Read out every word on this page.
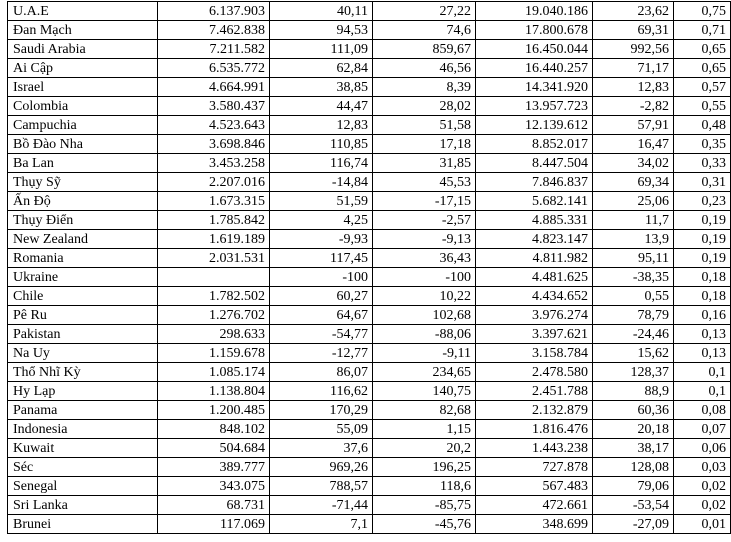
U.A.E	6.137.903	40,11	27,22	19.040.186	23,62	0,75
Đan Mạch	7.462.838	94,53	74,6	17.800.678	69,31	0,71
Saudi Arabia	7.211.582	111,09	859,67	16.450.044	992,56	0,65
Ai Cập	6.535.772	62,84	46,56	16.440.257	71,17	0,65
Israel	4.664.991	38,85	8,39	14.341.920	12,83	0,57
Colombia	3.580.437	44,47	28,02	13.957.723	-2,82	0,55
Campuchia	4.523.643	12,83	51,58	12.139.612	57,91	0,48
Bồ Đào Nha	3.698.846	110,85	17,18	8.852.017	16,47	0,35
Ba Lan	3.453.258	116,74	31,85	8.447.504	34,02	0,33
Thụy Sỹ	2.207.016	-14,84	45,53	7.846.837	69,34	0,31
Ấn Độ	1.673.315	51,59	-17,15	5.682.141	25,06	0,23
Thụy Điển	1.785.842	4,25	-2,57	4.885.331	11,7	0,19
New Zealand	1.619.189	-9,93	-9,13	4.823.147	13,9	0,19
Romania	2.031.531	117,45	36,43	4.811.982	95,11	0,19
Ukraine		-100	-100	4.481.625	-38,35	0,18
Chile	1.782.502	60,27	10,22	4.434.652	0,55	0,18
Pê Ru	1.276.702	64,67	102,68	3.976.274	78,79	0,16
Pakistan	298.633	-54,77	-88,06	3.397.621	-24,46	0,13
Na Uy	1.159.678	-12,77	-9,11	3.158.784	15,62	0,13
Thổ Nhĩ Kỳ	1.085.174	86,07	234,65	2.478.580	128,37	0,1
Hy Lạp	1.138.804	116,62	140,75	2.451.788	88,9	0,1
Panama	1.200.485	170,29	82,68	2.132.879	60,36	0,08
Indonesia	848.102	55,09	1,15	1.816.476	20,18	0,07
Kuwait	504.684	37,6	20,2	1.443.238	38,17	0,06
Séc	389.777	969,26	196,25	727.878	128,08	0,03
Senegal	343.075	788,57	118,6	567.483	79,06	0,02
Sri Lanka	68.731	-71,44	-85,75	472.661	-53,54	0,02
Brunei	117.069	7,1	-45,76	348.699	-27,09	0,01
